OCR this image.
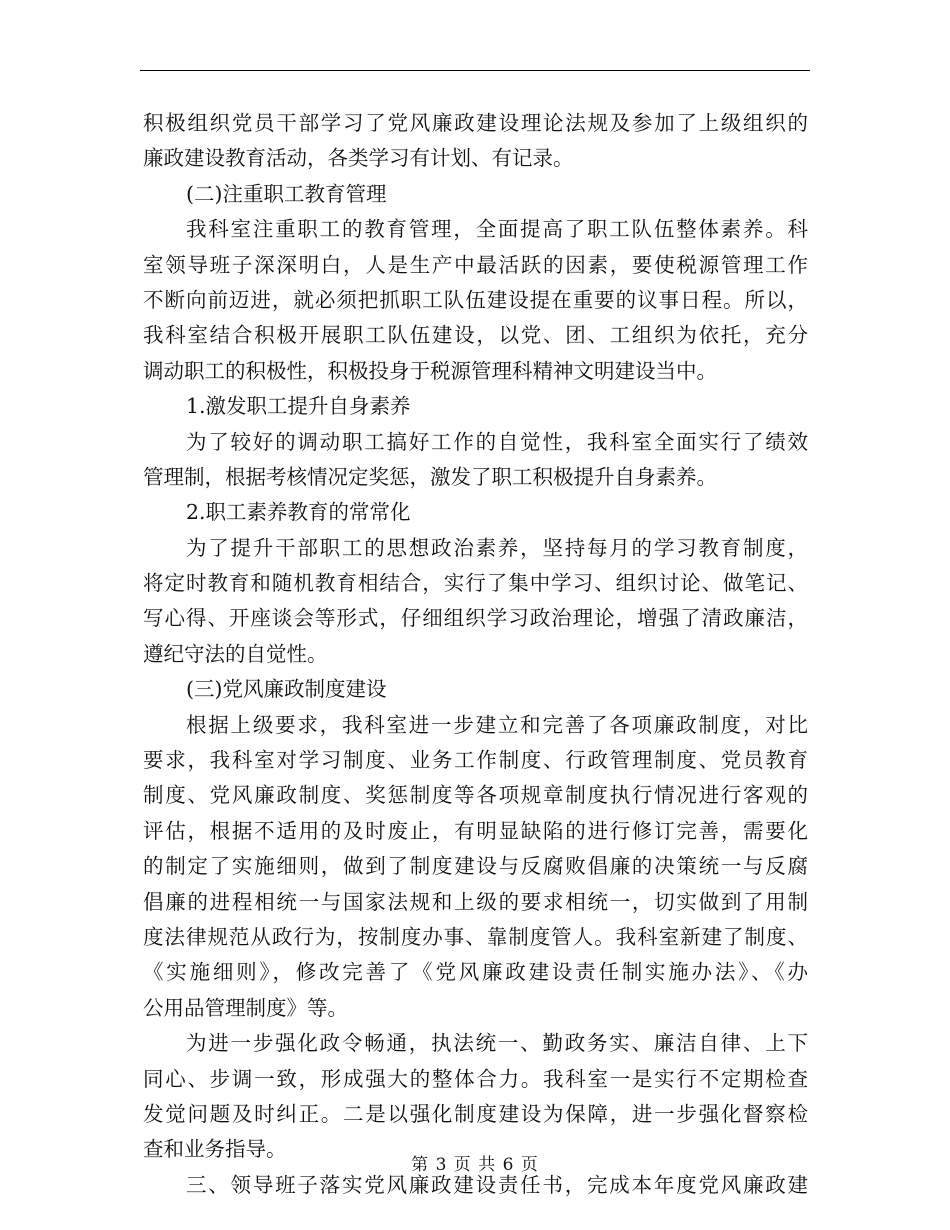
积极组织党员干部学习了党风廉政建设理论法规及参加了上级组织的
廉政建设教育活动，各类学习有计划、有记录。
(二)注重职工教育管理
我科室注重职工的教育管理，全面提高了职工队伍整体素养。科
室领导班子深深明白，人是生产中最活跃的因素，要使税源管理工作
不断向前迈进，就必须把抓职工队伍建设提在重要的议事日程。所以，
我科室结合积极开展职工队伍建设，以党、团、工组织为依托，充分
调动职工的积极性，积极投身于税源管理科精神文明建设当中。
1.激发职工提升自身素养
为了较好的调动职工搞好工作的自觉性，我科室全面实行了绩效
管理制，根据考核情况定奖惩，激发了职工积极提升自身素养。
2.职工素养教育的常常化
为了提升干部职工的思想政治素养，坚持每月的学习教育制度，
将定时教育和随机教育相结合，实行了集中学习、组织讨论、做笔记、
写心得、开座谈会等形式，仔细组织学习政治理论，增强了清政廉洁，
遵纪守法的自觉性。
(三)党风廉政制度建设
根据上级要求，我科室进一步建立和完善了各项廉政制度，对比
要求，我科室对学习制度、业务工作制度、行政管理制度、党员教育
制度、党风廉政制度、奖惩制度等各项规章制度执行情况进行客观的
评估，根据不适用的及时废止，有明显缺陷的进行修订完善，需要化
的制定了实施细则，做到了制度建设与反腐败倡廉的决策统一与反腐
倡廉的进程相统一与国家法规和上级的要求相统一，切实做到了用制
度法律规范从政行为，按制度办事、靠制度管人。我科室新建了制度、
《实施细则》，修改完善了《党风廉政建设责任制实施办法》、《办
公用品管理制度》等。
为进一步强化政令畅通，执法统一、勤政务实、廉洁自律、上下
同心、步调一致，形成强大的整体合力。我科室一是实行不定期检查
发觉问题及时纠正。二是以强化制度建设为保障，进一步强化督察检
查和业务指导。
三、领导班子落实党风廉政建设责任书，完成本年度党风廉政建
第 3 页 共 6 页
